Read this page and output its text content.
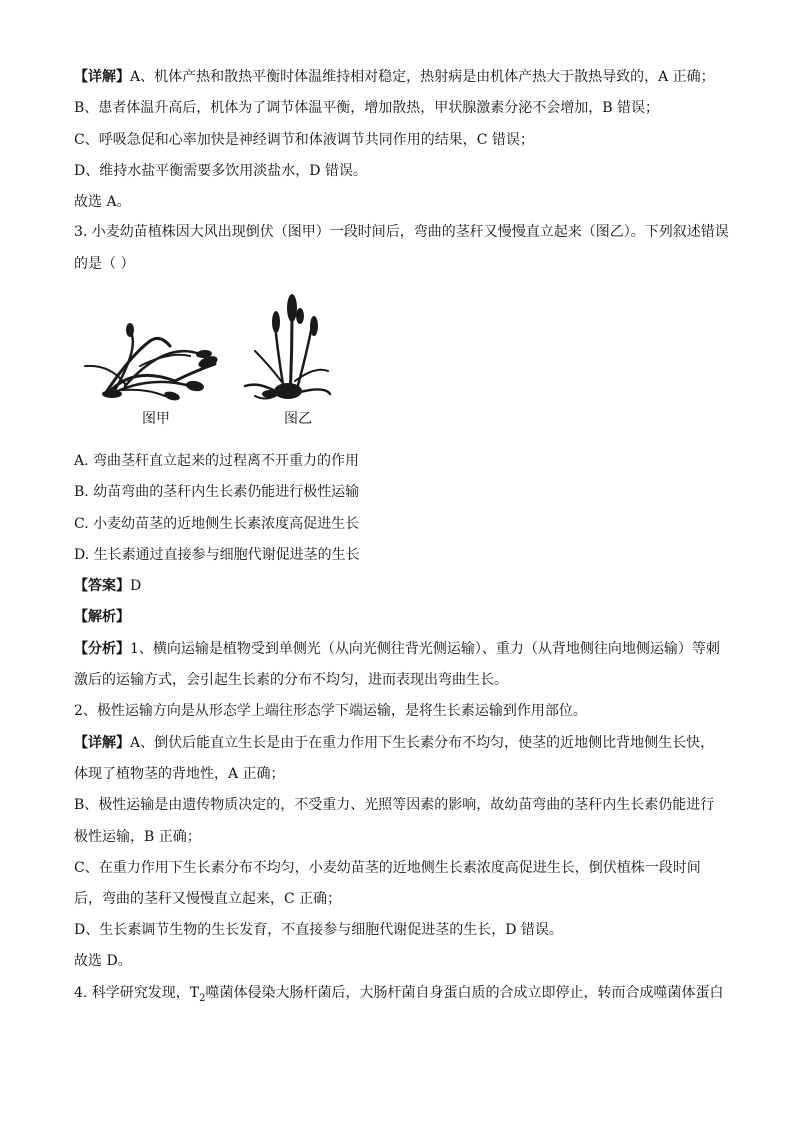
【详解】A、机体产热和散热平衡时体温维持相对稳定，热射病是由机体产热大于散热导致的，A 正确；
B、患者体温升高后，机体为了调节体温平衡，增加散热，甲状腺激素分泌不会增加，B 错误；
C、呼吸急促和心率加快是神经调节和体液调节共同作用的结果，C 错误；
D、维持水盐平衡需要多饮用淡盐水，D 错误。
故选 A。
3. 小麦幼苗植株因大风出现倒伏（图甲）一段时间后，弯曲的茎秆又慢慢直立起来（图乙）。下列叙述错误
的是（ ）
图甲	图乙
A. 弯曲茎秆直立起来的过程离不开重力的作用
B. 幼苗弯曲的茎秆内生长素仍能进行极性运输
C. 小麦幼苗茎的近地侧生长素浓度高促进生长
D. 生长素通过直接参与细胞代谢促进茎的生长
【答案】D
【解析】
【分析】1、横向运输是植物受到单侧光（从向光侧往背光侧运输）、重力（从背地侧往向地侧运输）等刺
激后的运输方式，会引起生长素的分布不均匀，进而表现出弯曲生长。
2、极性运输方向是从形态学上端往形态学下端运输，是将生长素运输到作用部位。
【详解】A、倒伏后能直立生长是由于在重力作用下生长素分布不均匀，使茎的近地侧比背地侧生长快，
体现了植物茎的背地性，A 正确；
B、极性运输是由遗传物质决定的，不受重力、光照等因素的影响，故幼苗弯曲的茎秆内生长素仍能进行
极性运输，B 正确；
C、在重力作用下生长素分布不均匀，小麦幼苗茎的近地侧生长素浓度高促进生长，倒伏植株一段时间
后，弯曲的茎秆又慢慢直立起来，C 正确；
D、生长素调节生物的生长发育，不直接参与细胞代谢促进茎的生长，D 错误。
故选 D。
4. 科学研究发现，$T_2$噬菌体侵染大肠杆菌后，大肠杆菌自身蛋白质的合成立即停止，转而合成噬菌体蛋白
